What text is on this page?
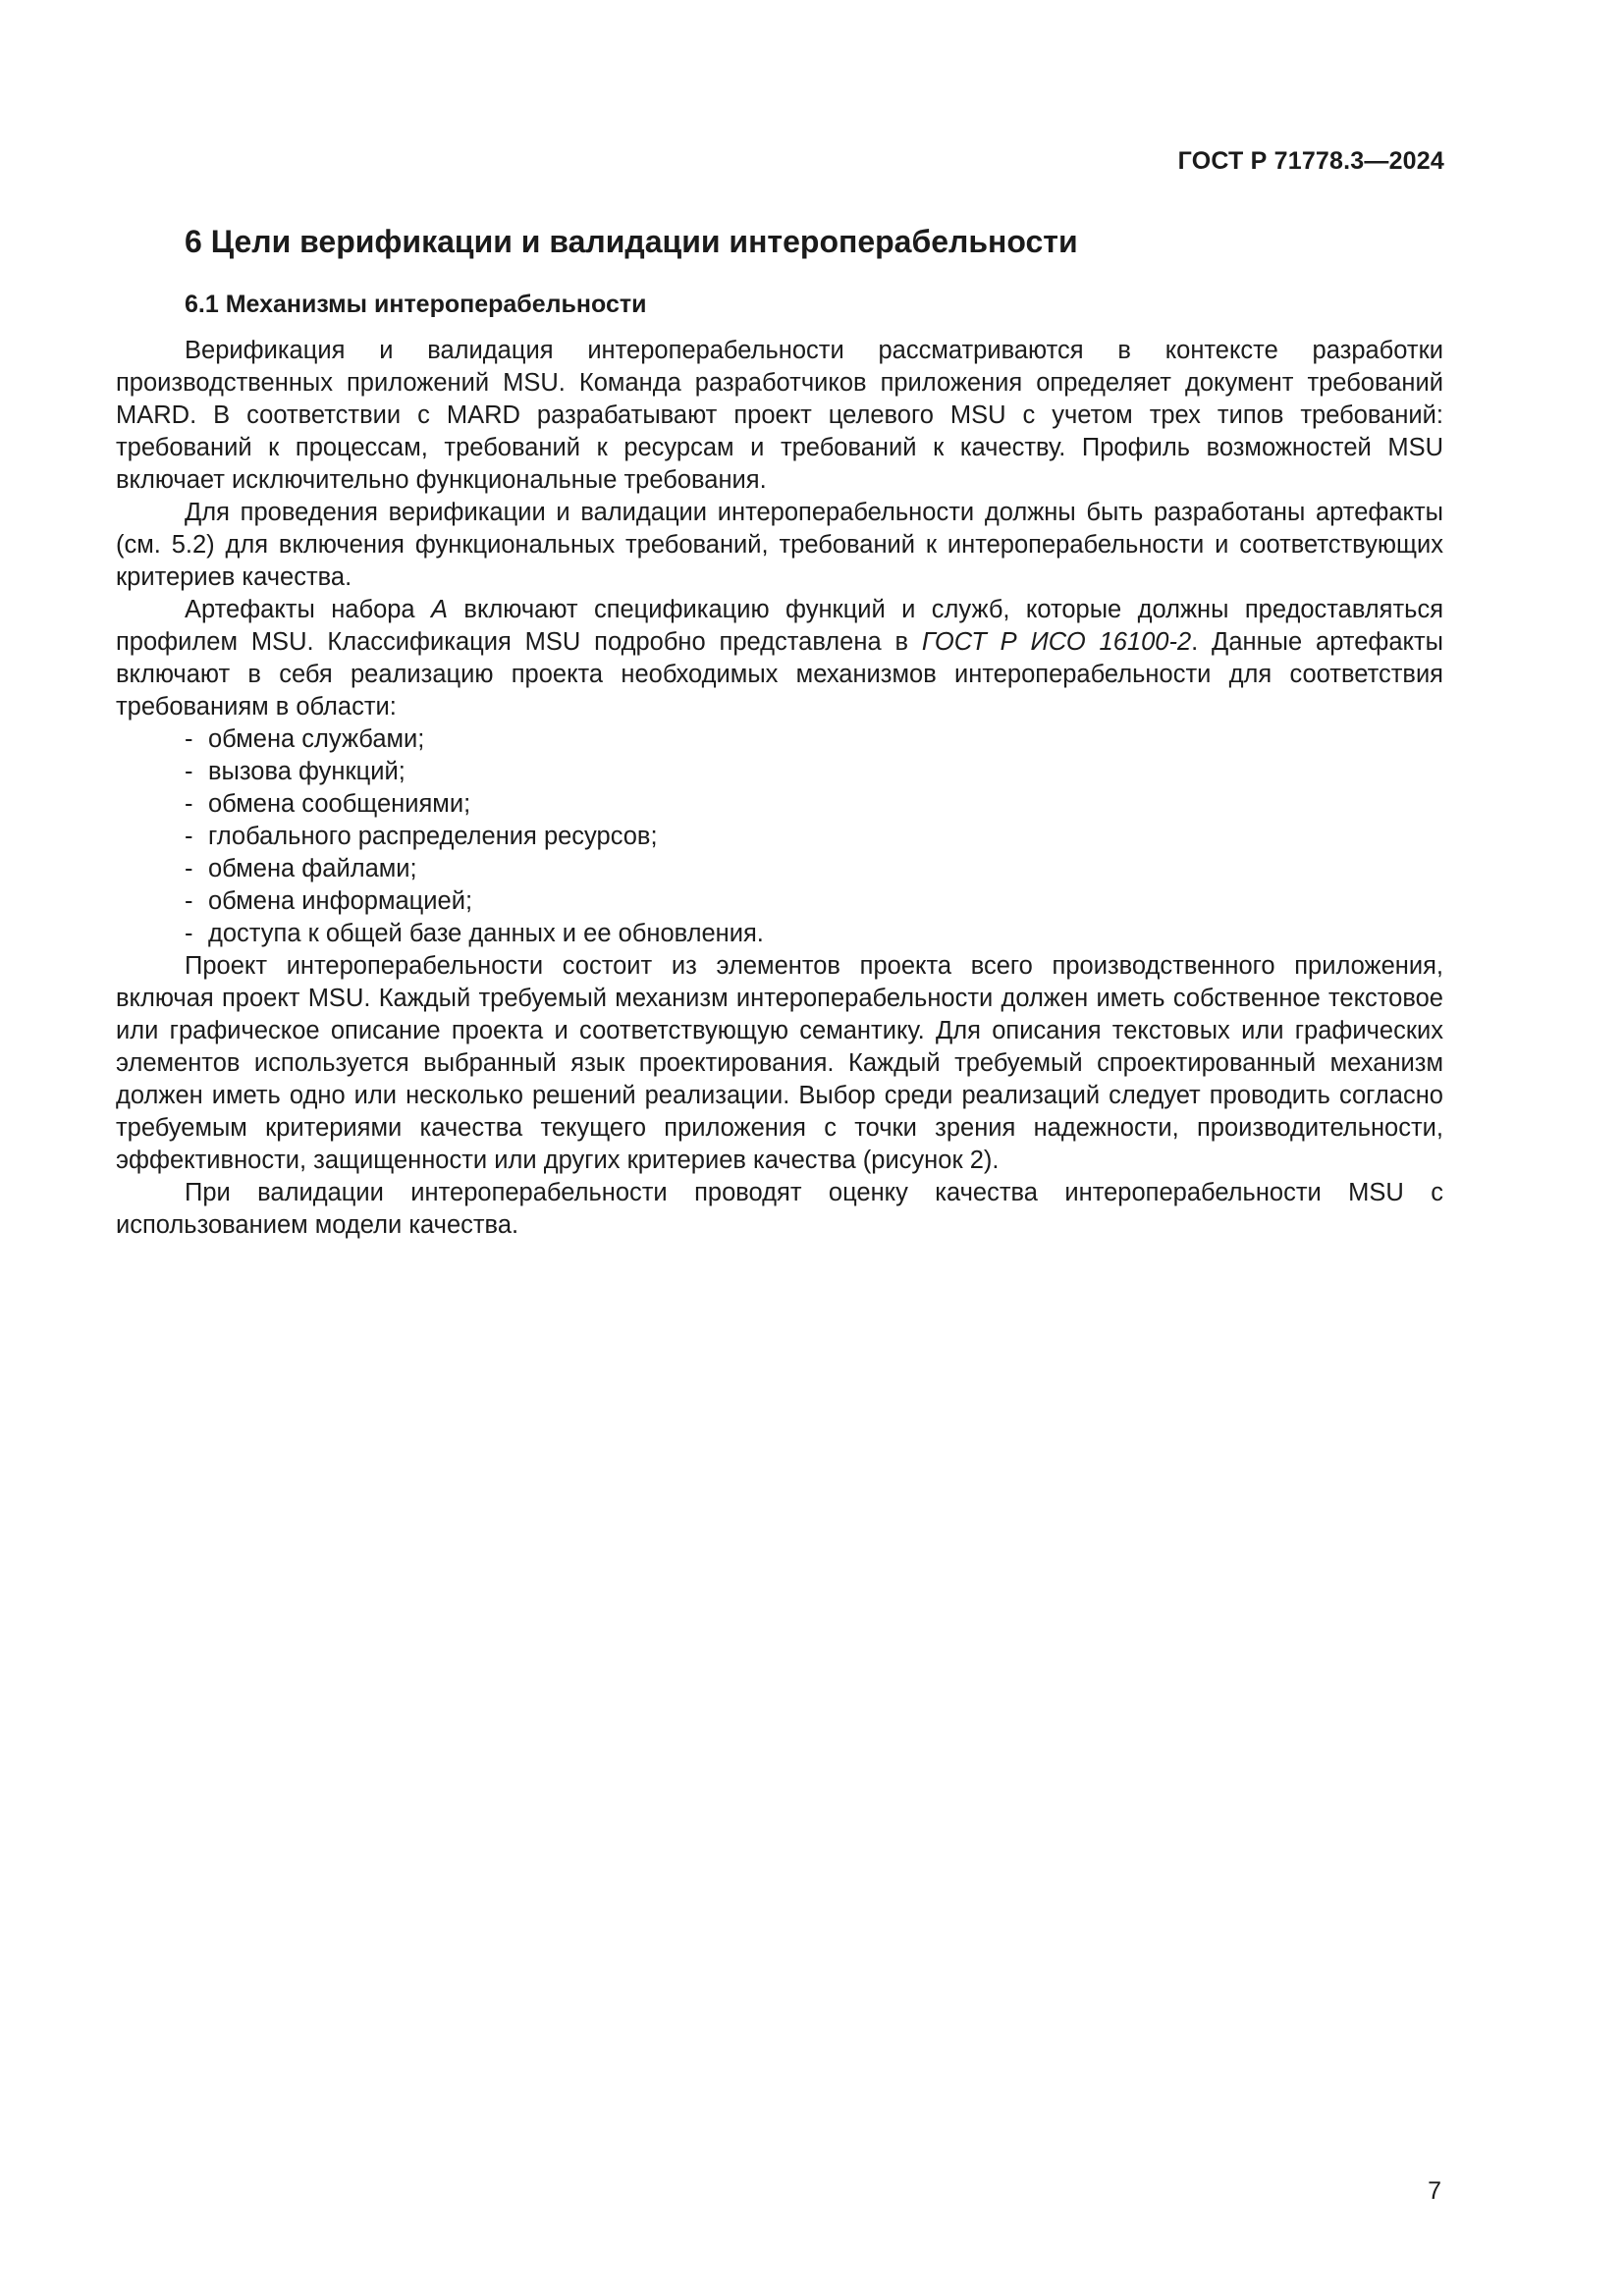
ГОСТ Р 71778.3—2024
6 Цели верификации и валидации интероперабельности
6.1 Механизмы интероперабельности

Верификация и валидация интероперабельности рассматриваются в контексте разработки производственных приложений MSU. Команда разработчиков приложения определяет документ требований MARD. В соответствии с MARD разрабатывают проект целевого MSU с учетом трех типов требований: требований к процессам, требований к ресурсам и требований к качеству. Профиль возможностей MSU включает исключительно функциональные требования.

Для проведения верификации и валидации интероперабельности должны быть разработаны артефакты (см. 5.2) для включения функциональных требований, требований к интероперабельности и соответствующих критериев качества.

Артефакты набора A включают спецификацию функций и служб, которые должны предоставляться профилем MSU. Классификация MSU подробно представлена в ГОСТ Р ИСО 16100-2. Данные артефакты включают в себя реализацию проекта необходимых механизмов интероперабельности для соответствия требованиям в области:

- обмена службами;
- вызова функций;
- обмена сообщениями;
- глобального распределения ресурсов;
- обмена файлами;
- обмена информацией;
- доступа к общей базе данных и ее обновления.

Проект интероперабельности состоит из элементов проекта всего производственного приложения, включая проект MSU. Каждый требуемый механизм интероперабельности должен иметь собственное текстовое или графическое описание проекта и соответствующую семантику. Для описания текстовых или графических элементов используется выбранный язык проектирования. Каждый требуемый спроектированный механизм должен иметь одно или несколько решений реализации. Выбор среди реализаций следует проводить согласно требуемым критериями качества текущего приложения с точки зрения надежности, производительности, эффективности, защищенности или других критериев качества (рисунок 2).

При валидации интероперабельности проводят оценку качества интероперабельности MSU с использованием модели качества.

7
